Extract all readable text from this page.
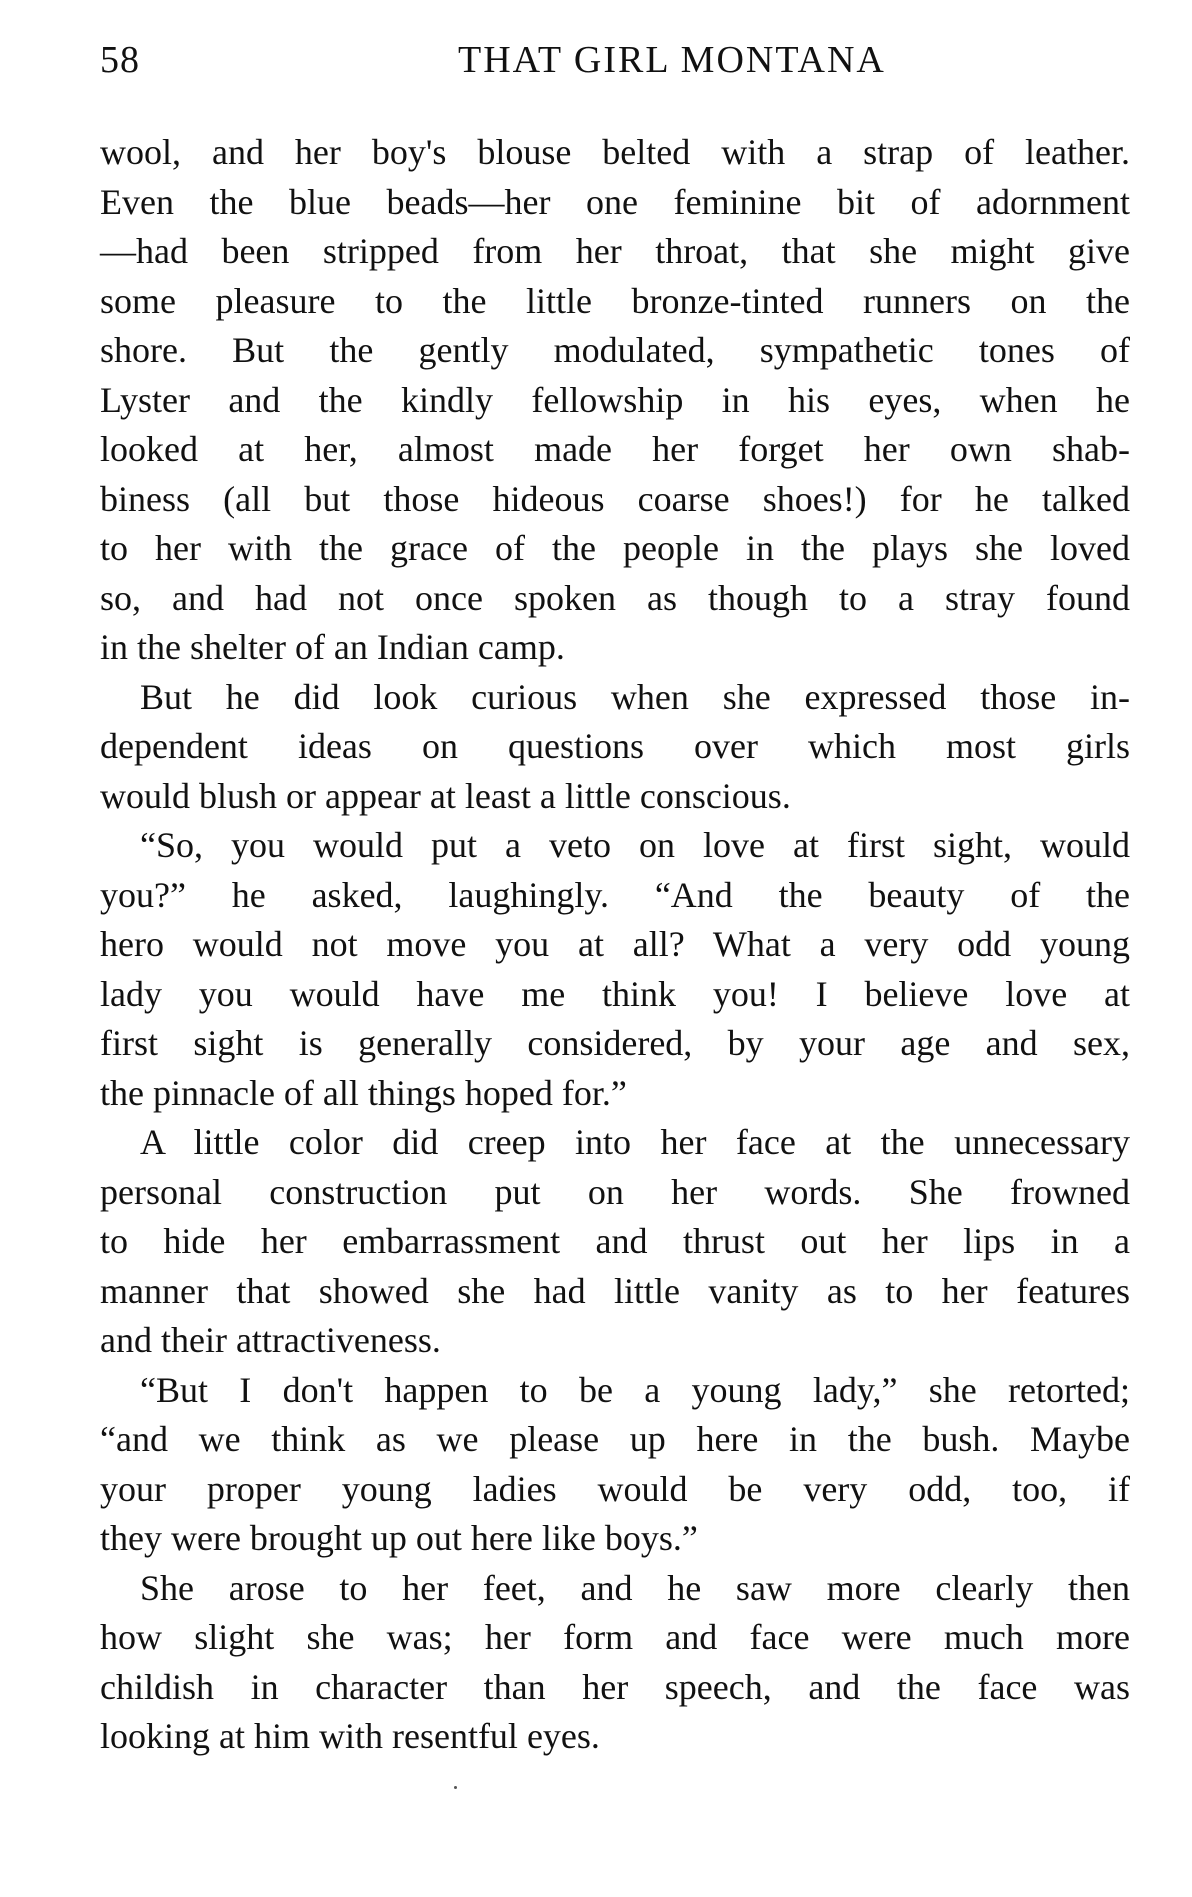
58	THAT GIRL MONTANA
wool, and her boy's blouse belted with a strap of leather.
Even the blue beads—her one feminine bit of adornment
—had been stripped from her throat, that she might give
some pleasure to the little bronze-tinted runners on the
shore. But the gently modulated, sympathetic tones of
Lyster and the kindly fellowship in his eyes, when he
looked at her, almost made her forget her own shab-
biness (all but those hideous coarse shoes!) for he talked
to her with the grace of the people in the plays she loved
so, and had not once spoken as though to a stray found
in the shelter of an Indian camp.
But he did look curious when she expressed those in-
dependent ideas on questions over which most girls
would blush or appear at least a little conscious.
“So, you would put a veto on love at first sight, would
you?” he asked, laughingly. “And the beauty of the
hero would not move you at all? What a very odd young
lady you would have me think you! I believe love at
first sight is generally considered, by your age and sex,
the pinnacle of all things hoped for.”
A little color did creep into her face at the unnecessary
personal construction put on her words. She frowned
to hide her embarrassment and thrust out her lips in a
manner that showed she had little vanity as to her features
and their attractiveness.
“But I don't happen to be a young lady,” she retorted;
“and we think as we please up here in the bush. Maybe
your proper young ladies would be very odd, too, if
they were brought up out here like boys.”
She arose to her feet, and he saw more clearly then
how slight she was; her form and face were much more
childish in character than her speech, and the face was
looking at him with resentful eyes.
